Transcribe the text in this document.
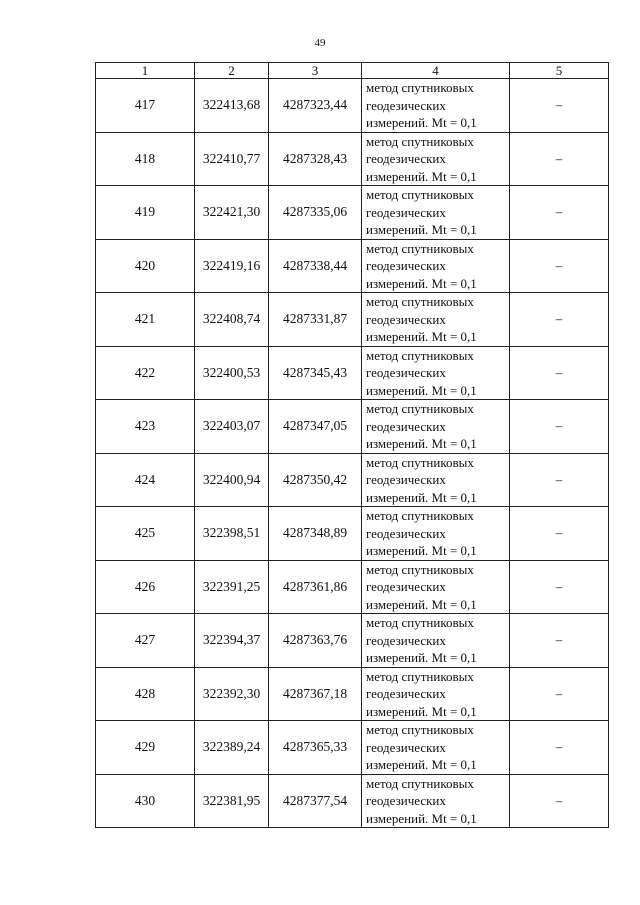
49
1	2	3	4	5
417	322413,68	4287323,44	метод спутниковых
геодезических
измерений. Mt = 0,1	–
418	322410,77	4287328,43	метод спутниковых
геодезических
измерений. Mt = 0,1	–
419	322421,30	4287335,06	метод спутниковых
геодезических
измерений. Mt = 0,1	–
420	322419,16	4287338,44	метод спутниковых
геодезических
измерений. Mt = 0,1	–
421	322408,74	4287331,87	метод спутниковых
геодезических
измерений. Mt = 0,1	–
422	322400,53	4287345,43	метод спутниковых
геодезических
измерений. Mt = 0,1	–
423	322403,07	4287347,05	метод спутниковых
геодезических
измерений. Mt = 0,1	–
424	322400,94	4287350,42	метод спутниковых
геодезических
измерений. Mt = 0,1	–
425	322398,51	4287348,89	метод спутниковых
геодезических
измерений. Mt = 0,1	–
426	322391,25	4287361,86	метод спутниковых
геодезических
измерений. Mt = 0,1	–
427	322394,37	4287363,76	метод спутниковых
геодезических
измерений. Mt = 0,1	–
428	322392,30	4287367,18	метод спутниковых
геодезических
измерений. Mt = 0,1	–
429	322389,24	4287365,33	метод спутниковых
геодезических
измерений. Mt = 0,1	–
430	322381,95	4287377,54	метод спутниковых
геодезических
измерений. Mt = 0,1	–
